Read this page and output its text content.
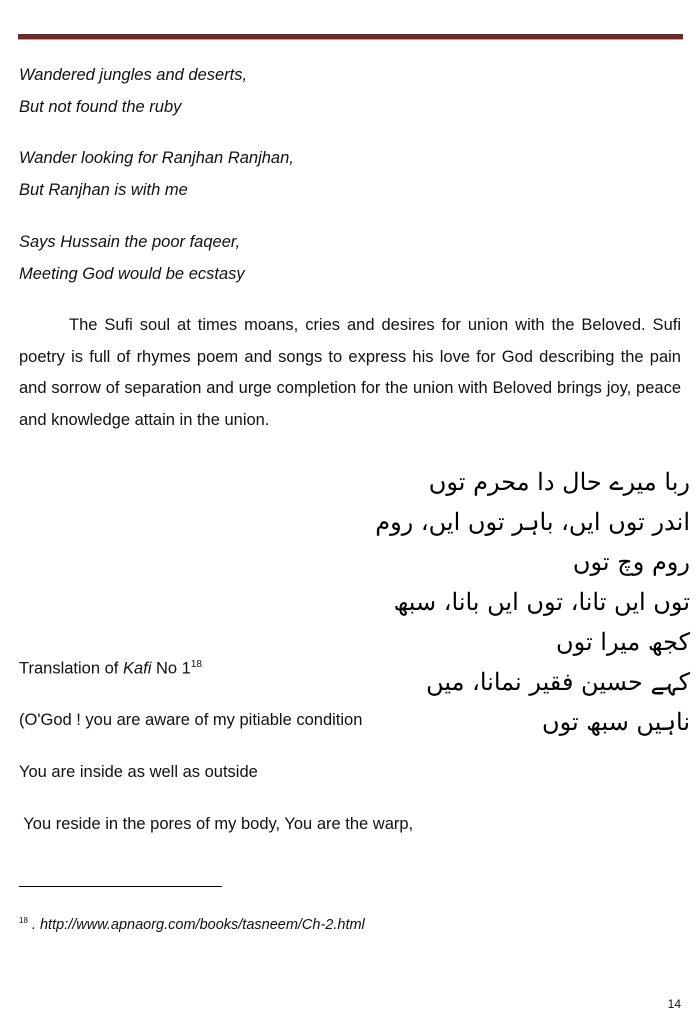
Wandered jungles and deserts,
But not found the ruby
Wander looking for Ranjhan Ranjhan,
But Ranjhan is with me
Says Hussain the poor faqeer,
Meeting God would be ecstasy
The Sufi soul at times moans, cries and desires for union with the Beloved. Sufi poetry is full of rhymes poem and songs to express his love for God describing the pain and sorrow of separation and urge completion for the union with Beloved brings joy, peace and knowledge attain in the union.
ربا میرے حال دا محرم توں
اندر توں ایں، باہر توں ایں، روم روم وچ توں
توں ایں تانا، توں ایں بانا، سبھ کجھ میرا توں
کہے حسین فقیر نمانا، میں ناہیں سبھ توں
Translation of Kafi No $1^{18}$
(O'God ! you are aware of my pitiable condition
You are inside as well as outside
You reside in the pores of my body, You are the warp,
$^{18}$ . http://www.apnaorg.com/books/tasneem/Ch-2.html
14
